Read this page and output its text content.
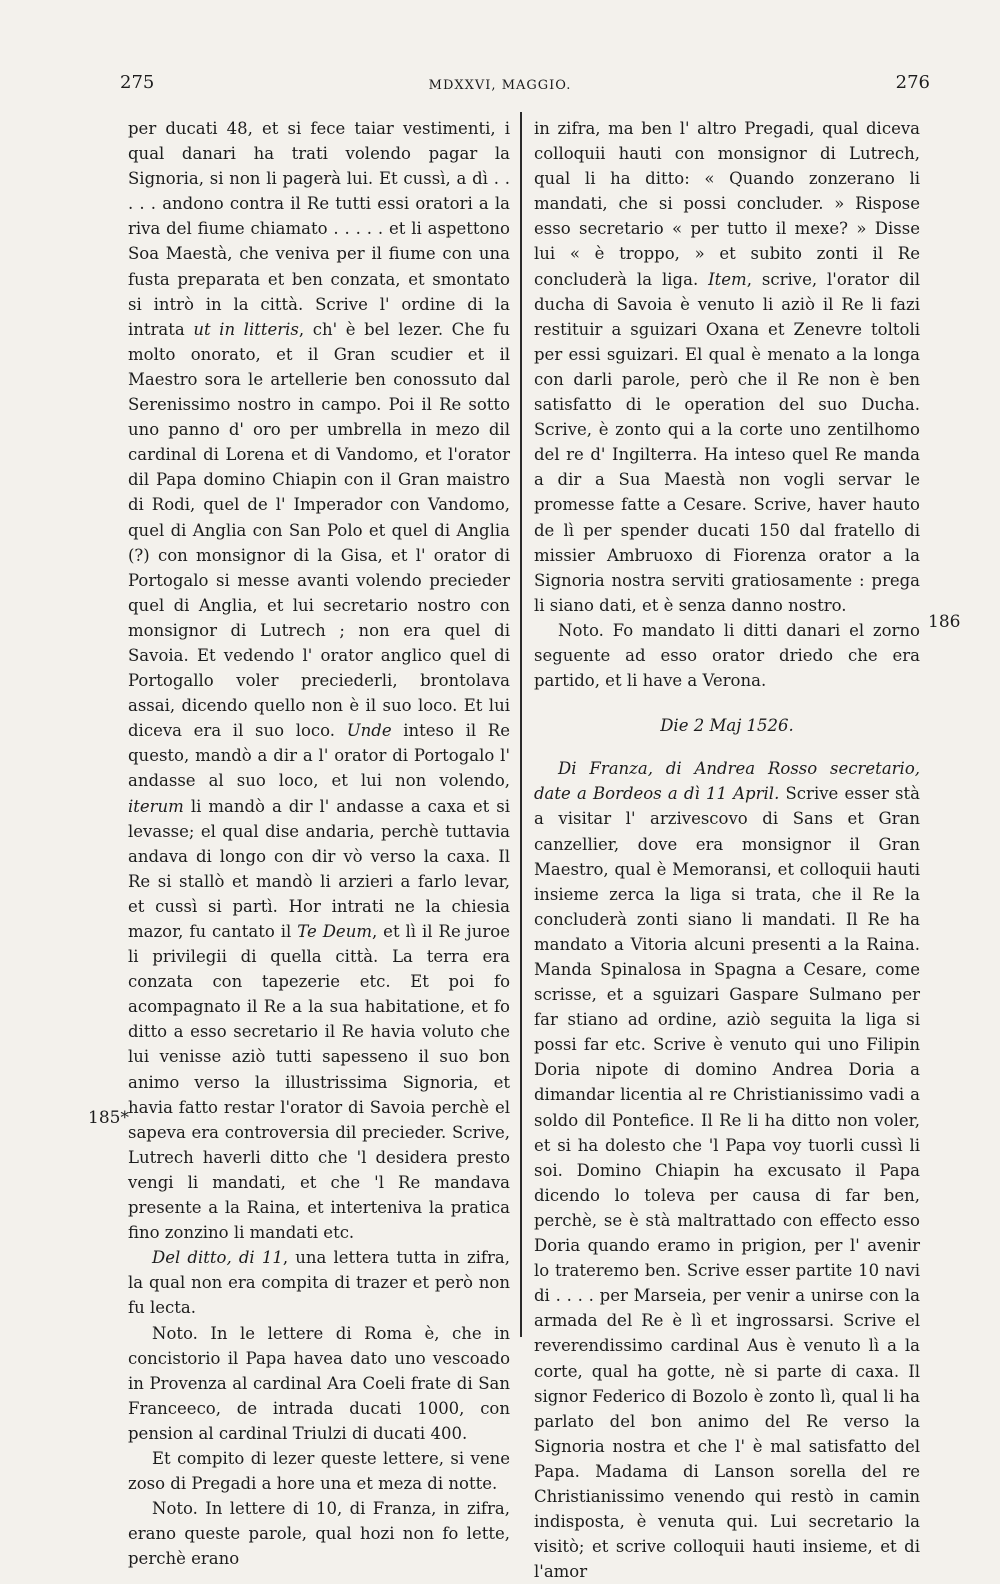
275	MDXXVI, MAGGIO.	276
185*
186

per ducati 48, et si fece taiar vestimenti, i qual danari ha trati volendo pagar la Signoria, si non li pagerà lui. Et cussì, a dì . . . . . andono contra il Re tutti essi oratori a la riva del fiume chiamato . . . . . et li aspettono Soa Maestà, che veniva per il fiume con una fusta preparata et ben conzata, et smontato si intrò in la città. Scrive l' ordine di la intrata ut in litteris, ch' è bel lezer. Che fu molto onorato, et il Gran scudier et il Maestro sora le artellerie ben conossuto dal Serenissimo nostro in campo. Poi il Re sotto uno panno d' oro per umbrella in mezo dil cardinal di Lorena et di Vandomo, et l'orator dil Papa domino Chiapin con il Gran maistro di Rodi, quel de l' Imperador con Vandomo, quel di Anglia con San Polo et quel di Anglia (?) con monsignor di la Gisa, et l' orator di Portogalo si messe avanti volendo precieder quel di Anglia, et lui secretario nostro con monsignor di Lutrech ; non era quel di Savoia. Et vedendo l' orator anglico quel di Portogallo voler preciederli, brontolava assai, dicendo quello non è il suo loco. Et lui diceva era il suo loco. Unde inteso il Re questo, mandò a dir a l' orator di Portogalo l' andasse al suo loco, et lui non volendo, iterum li mandò a dir l' andasse a caxa et si levasse; el qual dise andaria, perchè tuttavia andava di longo con dir vò verso la caxa. Il Re si stallò et mandò li arzieri a farlo levar, et cussì si partì. Hor intrati ne la chiesia mazor, fu cantato il Te Deum, et lì il Re juroe li privilegii di quella città. La terra era conzata con tapezerie etc. Et poi fo acompagnato il Re a la sua habitatione, et fo ditto a esso secretario il Re havia voluto che lui venisse aziò tutti sapesseno il suo bon animo verso la illustrissima Signoria, et havia fatto restar l'orator di Savoia perchè el sapeva era controversia dil precieder. Scrive, Lutrech haverli ditto che 'l desidera presto vengi li mandati, et che 'l Re mandava presente a la Raina, et interteniva la pratica fino zonzino li mandati etc.

Del ditto, di 11, una lettera tutta in zifra, la qual non era compita di trazer et però non fu lecta.

Noto. In le lettere di Roma è, che in concistorio il Papa havea dato uno vescoado in Provenza al cardinal Ara Coeli frate di San Franceeco, de intrada ducati 1000, con pension al cardinal Triulzi di ducati 400.

Et compito di lezer queste lettere, si vene zoso di Pregadi a hore una et meza di notte.

Noto. In lettere di 10, di Franza, in zifra, erano queste parole, qual hozi non fo lette, perchè erano

in zifra, ma ben l' altro Pregadi, qual diceva colloquii hauti con monsignor di Lutrech, qual li ha ditto: « Quando zonzerano li mandati, che si possi concluder. » Rispose esso secretario « per tutto il mexe? » Disse lui « è troppo, » et subito zonti il Re concluderà la liga. Item, scrive, l'orator dil ducha di Savoia è venuto li aziò il Re li fazi restituir a sguizari Oxana et Zenevre toltoli per essi sguizari. El qual è menato a la longa con darli parole, però che il Re non è ben satisfatto di le operation del suo Ducha. Scrive, è zonto qui a la corte uno zentilhomo del re d' Ingilterra. Ha inteso quel Re manda a dir a Sua Maestà non vogli servar le promesse fatte a Cesare. Scrive, haver hauto de lì per spender ducati 150 dal fratello di missier Ambruoxo di Fiorenza orator a la Signoria nostra serviti gratiosamente : prega li siano dati, et è senza danno nostro.

Noto. Fo mandato li ditti danari el zorno seguente ad esso orator driedo che era partido, et li have a Verona.

Die 2 Maj 1526.

Di Franza, di Andrea Rosso secretario, date a Bordeos a dì 11 April. Scrive esser stà a visitar l' arzivescovo di Sans et Gran canzellier, dove era monsignor il Gran Maestro, qual è Memoransi, et colloquii hauti insieme zerca la liga si trata, che il Re la concluderà zonti siano li mandati. Il Re ha mandato a Vitoria alcuni presenti a la Raina. Manda Spinalosa in Spagna a Cesare, come scrisse, et a sguizari Gaspare Sulmano per far stiano ad ordine, aziò seguita la liga si possi far etc. Scrive è venuto qui uno Filipin Doria nipote di domino Andrea Doria a dimandar licentia al re Christianissimo vadi a soldo dil Pontefice. Il Re li ha ditto non voler, et si ha dolesto che 'l Papa voy tuorli cussì li soi. Domino Chiapin ha excusato il Papa dicendo lo toleva per causa di far ben, perchè, se è stà maltrattado con effecto esso Doria quando eramo in prigion, per l' avenir lo trateremo ben. Scrive esser partite 10 navi di . . . . per Marseia, per venir a unirse con la armada del Re è lì et ingrossarsi. Scrive el reverendissimo cardinal Aus è venuto lì a la corte, qual ha gotte, nè si parte di caxa. Il signor Federico di Bozolo è zonto lì, qual li ha parlato del bon animo del Re verso la Signoria nostra et che l' è mal satisfatto del Papa. Madama di Lanson sorella del re Christianissimo venendo qui restò in camin indisposta, è venuta qui. Lui secretario la visitò; et scrive colloquii hauti insieme, et di l'amor
